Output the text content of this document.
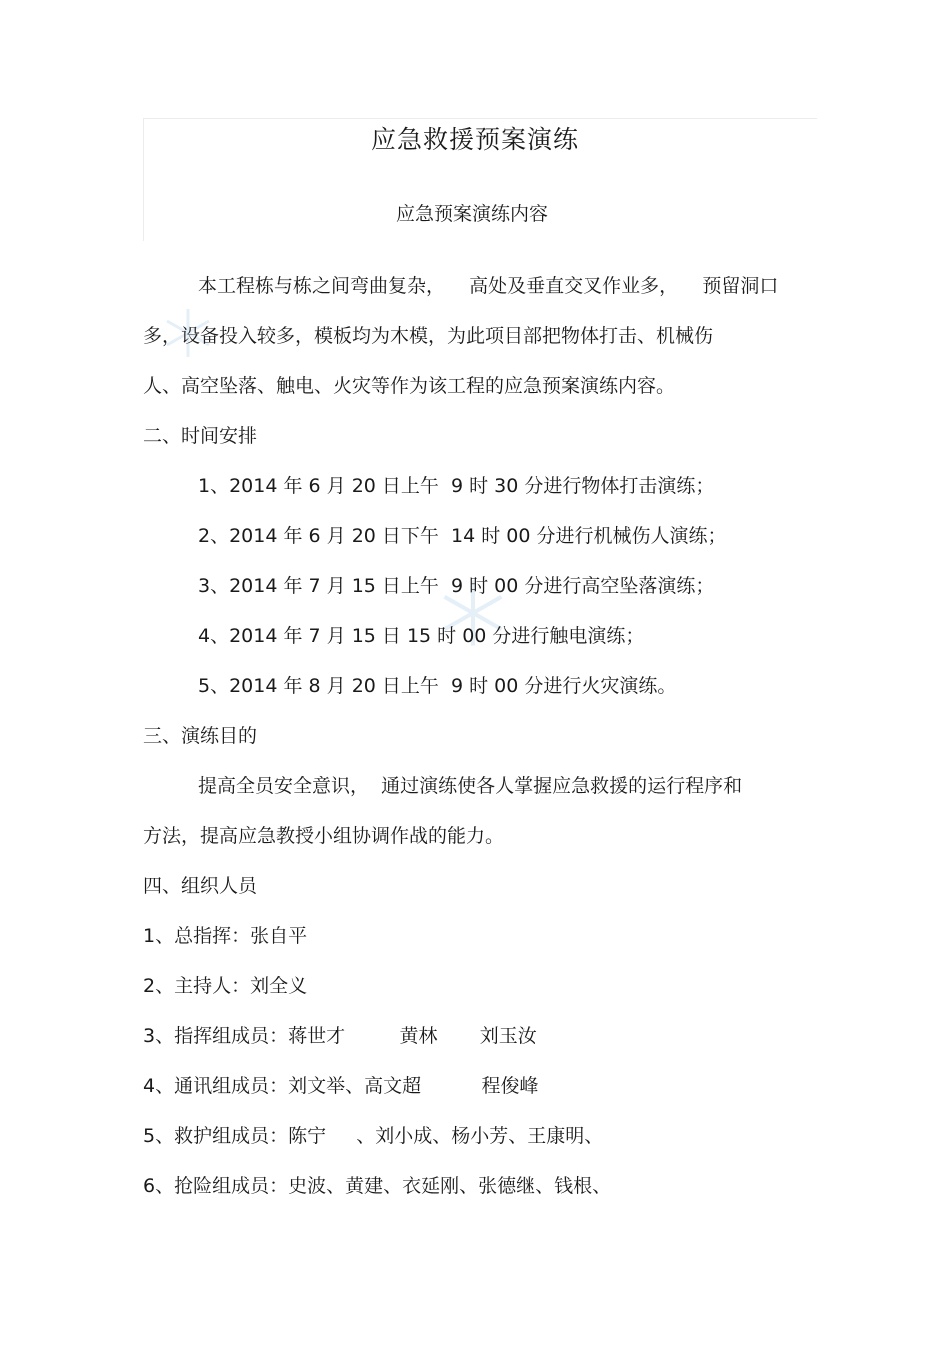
应急救援预案演练
应急预案演练内容
本工程栋与栋之间弯曲复杂，    高处及垂直交叉作业多，    预留洞口
多，设备投入较多，模板均为木模，为此项目部把物体打击、机械伤
人、高空坠落、触电、火灾等作为该工程的应急预案演练内容。
二、时间安排
1、2014 年 6 月 20 日上午  9 时 30 分进行物体打击演练；
2、2014 年 6 月 20 日下午  14 时 00 分进行机械伤人演练；
3、2014 年 7 月 15 日上午  9 时 00 分进行高空坠落演练；
4、2014 年 7 月 15 日 15 时 00 分进行触电演练；
5、2014 年 8 月 20 日上午  9 时 00 分进行火灾演练。
三、演练目的
提高全员安全意识，  通过演练使各人掌握应急救援的运行程序和
方法，提高应急教授小组协调作战的能力。
四、组织人员
1、总指挥：张自平
2、主持人：刘全义
3、指挥组成员：蒋世才         黄林       刘玉汝
4、通讯组成员：刘文举、高文超          程俊峰
5、救护组成员：陈宁     、刘小成、杨小芳、王康明、
6、抢险组成员：史波、黄建、衣延刚、张德继、钱根、
